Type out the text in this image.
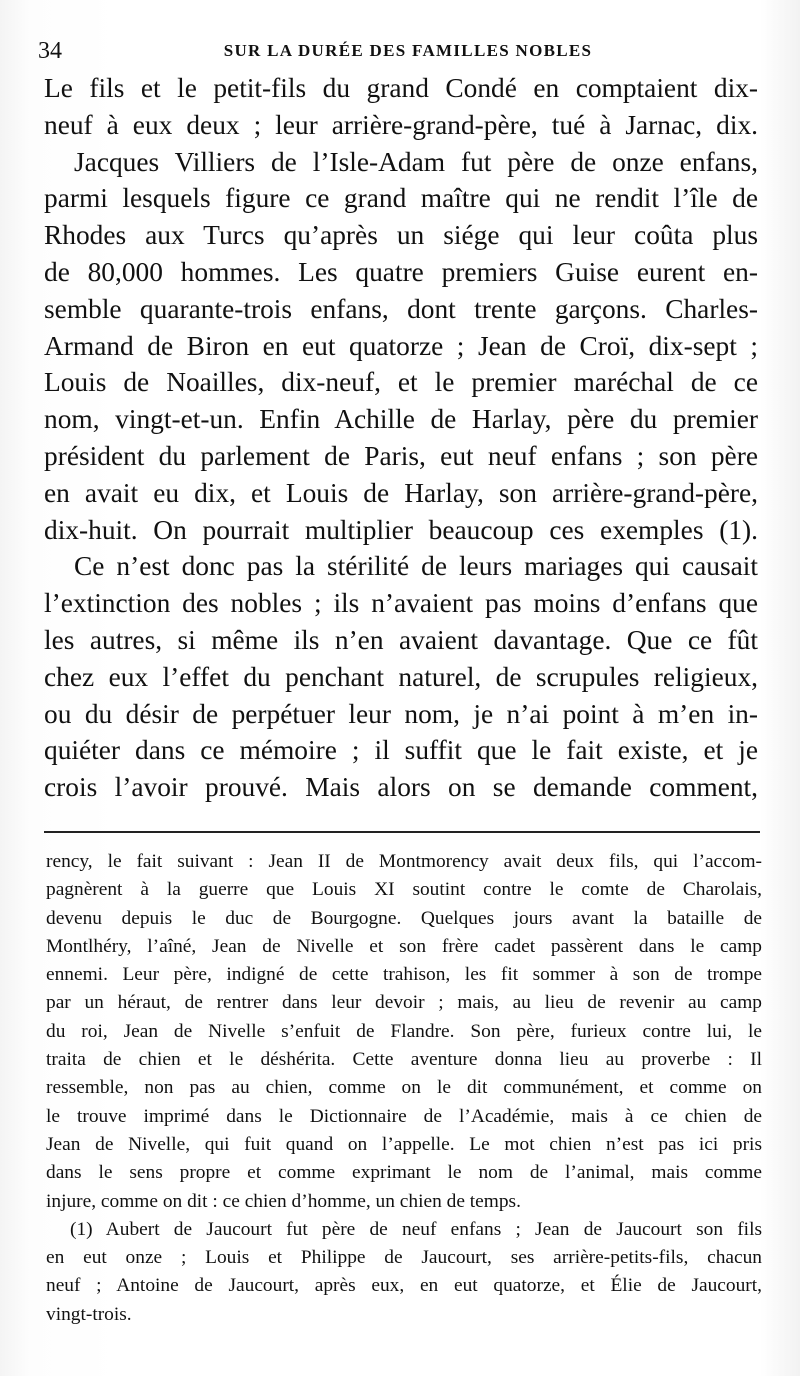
34	SUR LA DURÉE DES FAMILLES NOBLES
Le fils et le petit-fils du grand Condé en comptaient dix-
neuf à eux deux ; leur arrière-grand-père, tué à Jarnac, dix.
Jacques Villiers de l’Isle-Adam fut père de onze enfans,
parmi lesquels figure ce grand maître qui ne rendit l’île de
Rhodes aux Turcs qu’après un siége qui leur coûta plus
de 80,000 hommes. Les quatre premiers Guise eurent en-
semble quarante-trois enfans, dont trente garçons. Charles-
Armand de Biron en eut quatorze ; Jean de Croï, dix-sept ;
Louis de Noailles, dix-neuf, et le premier maréchal de ce
nom, vingt-et-un. Enfin Achille de Harlay, père du premier
président du parlement de Paris, eut neuf enfans ; son père
en avait eu dix, et Louis de Harlay, son arrière-grand-père,
dix-huit. On pourrait multiplier beaucoup ces exemples (1).
Ce n’est donc pas la stérilité de leurs mariages qui causait
l’extinction des nobles ; ils n’avaient pas moins d’enfans que
les autres, si même ils n’en avaient davantage. Que ce fût
chez eux l’effet du penchant naturel, de scrupules religieux,
ou du désir de perpétuer leur nom, je n’ai point à m’en in-
quiéter dans ce mémoire ; il suffit que le fait existe, et je
crois l’avoir prouvé. Mais alors on se demande comment,
rency, le fait suivant : Jean II de Montmorency avait deux fils, qui l’accom-
pagnèrent à la guerre que Louis XI soutint contre le comte de Charolais,
devenu depuis le duc de Bourgogne. Quelques jours avant la bataille de
Montlhéry, l’aîné, Jean de Nivelle et son frère cadet passèrent dans le camp
ennemi. Leur père, indigné de cette trahison, les fit sommer à son de trompe
par un héraut, de rentrer dans leur devoir ; mais, au lieu de revenir au camp
du roi, Jean de Nivelle s’enfuit de Flandre. Son père, furieux contre lui, le
traita de chien et le déshérita. Cette aventure donna lieu au proverbe : Il
ressemble, non pas au chien, comme on le dit communément, et comme on
le trouve imprimé dans le Dictionnaire de l’Académie, mais à ce chien de
Jean de Nivelle, qui fuit quand on l’appelle. Le mot chien n’est pas ici pris
dans le sens propre et comme exprimant le nom de l’animal, mais comme
injure, comme on dit : ce chien d’homme, un chien de temps.
(1) Aubert de Jaucourt fut père de neuf enfans ; Jean de Jaucourt son fils
en eut onze ; Louis et Philippe de Jaucourt, ses arrière-petits-fils, chacun
neuf ; Antoine de Jaucourt, après eux, en eut quatorze, et Élie de Jaucourt,
vingt-trois.
